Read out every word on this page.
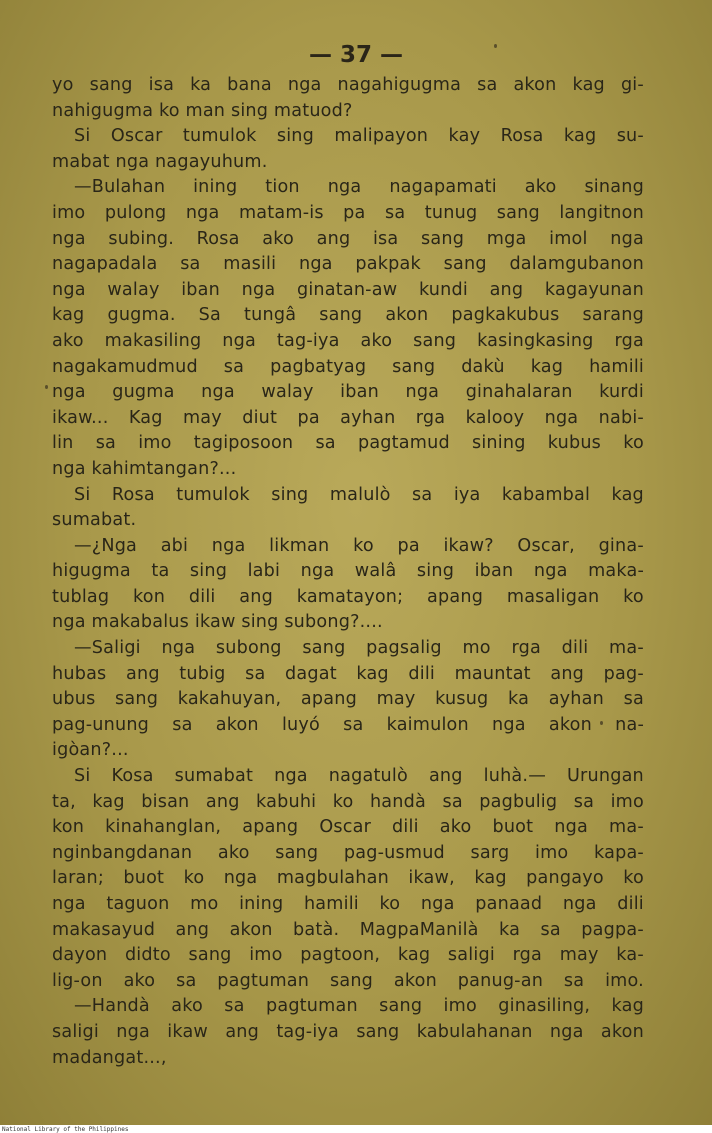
— 37 —
yo sang isa ka bana nga nagahigugma sa akon kag gi-
nahigugma ko man sing matuod?
Si Oscar tumulok sing malipayon kay Rosa kag su-
mabat nga nagayuhum.
—Bulahan ining tion nga nagapamati ako sinang
imo pulong nga matam-is pa sa tunug sang langitnon
nga subing. Rosa ako ang isa sang mga imol nga
nagapadala sa masili nga pakpak sang dalamgubanon
nga walay iban nga ginatan-aw kundi ang kagayunan
kag gugma. Sa tungâ sang akon pagkakubus sarang
ako makasiling nga tag-iya ako sang kasingkasing rga
nagakamudmud sa pagbatyag sang dakù kag hamili
nga gugma nga walay iban nga ginahalaran kurdi
ikaw... Kag may diut pa ayhan rga kalooy nga nabi-
lin sa imo tagiposoon sa pagtamud sining kubus ko
nga kahimtangan?...
Si Rosa tumulok sing malulò sa iya kabambal kag
sumabat.
—¿Nga abi nga likman ko pa ikaw? Oscar, gina-
higugma ta sing labi nga walâ sing iban nga maka-
tublag kon dili ang kamatayon; apang masaligan ko
nga makabalus ikaw sing subong?....
—Saligi nga subong sang pagsalig mo rga dili ma-
hubas ang tubig sa dagat kag dili mauntat ang pag-
ubus sang kakahuyan, apang may kusug ka ayhan sa
pag-unung sa akon luyó sa kaimulon nga akon na-
igòan?...
Si Kosa sumabat nga nagatulò ang luhà.— Urungan
ta, kag bisan ang kabuhi ko handà sa pagbulig sa imo
kon kinahanglan, apang Oscar dili ako buot nga ma-
nginbangdanan ako sang pag-usmud sarg imo kapa-
laran; buot ko nga magbulahan ikaw, kag pangayo ko
nga taguon mo ining hamili ko nga panaad nga dili
makasayud ang akon batà. MagpaManilà ka sa pagpa-
dayon didto sang imo pagtoon, kag saligi rga may ka-
lig-on ako sa pagtuman sang akon panug-an sa imo.
—Handà ako sa pagtuman sang imo ginasiling, kag
saligi nga ikaw ang tag-iya sang kabulahanan nga akon
madangat...,
National Library of the Philippines
